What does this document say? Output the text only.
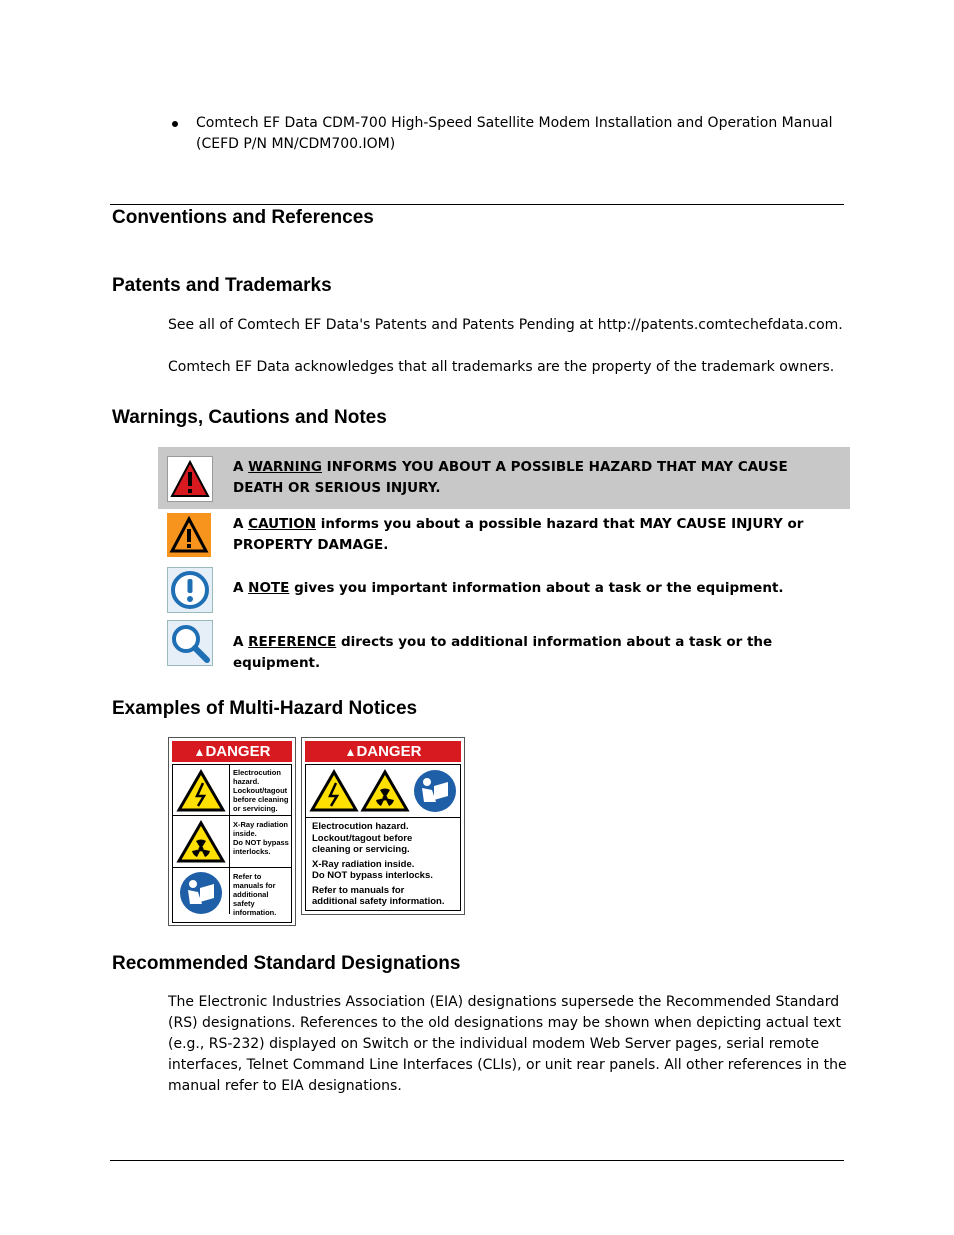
Comtech EF Data CDM-700 High-Speed Satellite Modem Installation and Operation Manual
(CEFD P/N MN/CDM700.IOM)
Conventions and References
Patents and Trademarks
See all of Comtech EF Data's Patents and Patents Pending at http://patents.comtechefdata.com.
Comtech EF Data acknowledges that all trademarks are the property of the trademark owners.
Warnings, Cautions and Notes
A WARNING INFORMS YOU ABOUT A POSSIBLE HAZARD THAT MAY CAUSE DEATH OR SERIOUS INJURY.
A CAUTION informs you about a possible hazard that MAY CAUSE INJURY or PROPERTY DAMAGE.
A NOTE gives you important information about a task or the equipment.
A REFERENCE directs you to additional information about a task or the equipment.
Examples of Multi-Hazard Notices
▲DANGER
Electrocution
hazard.
Lockout/tagout
before cleaning
or servicing.
X-Ray radiation
inside.
Do NOT bypass
interlocks.
Refer to
manuals for
additional safety
information.
▲DANGER
Electrocution hazard.
Lockout/tagout before
cleaning or servicing.
X-Ray radiation inside.
Do NOT bypass interlocks.
Refer to manuals for
additional safety information.
Recommended Standard Designations
The Electronic Industries Association (EIA) designations supersede the Recommended Standard
(RS) designations. References to the old designations may be shown when depicting actual text
(e.g., RS-232) displayed on Switch or the individual modem Web Server pages, serial remote
interfaces, Telnet Command Line Interfaces (CLIs), or unit rear panels. All other references in the
manual refer to EIA designations.
